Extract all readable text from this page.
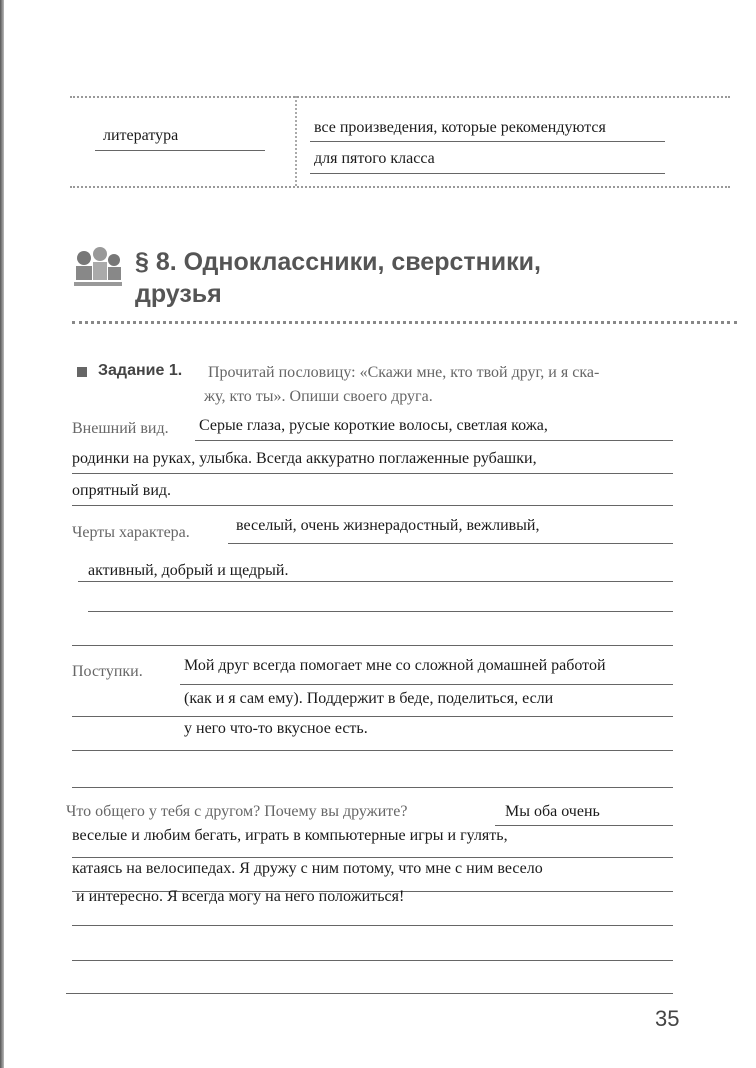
литература	все произведения, которые рекомендуются
для пятого класса
§ 8. Одноклассники, сверстники,
друзья
Задание 1. Прочитай пословицу: «Скажи мне, кто твой друг, и я ска-
жу, кто ты». Опиши своего друга.
Внешний вид. Серые глаза, русые короткие волосы, светлая кожа,
родинки на руках, улыбка. Всегда аккуратно поглаженные рубашки,
опрятный вид.
Черты характера.	веселый, очень жизнерадостный, вежливый,
активный, добрый и щедрый.
Поступки.	Мой друг всегда помогает мне со сложной домашней работой
(как и я сам ему). Поддержит в беде, поделиться, если
у него что-то вкусное есть.
Что общего у тебя с другом? Почему вы дружите?	Мы оба очень
веселые и любим бегать, играть в компьютерные игры и гулять,
катаясь на велосипедах. Я дружу с ним потому, что мне с ним весело
и интересно. Я всегда могу на него положиться!
35
